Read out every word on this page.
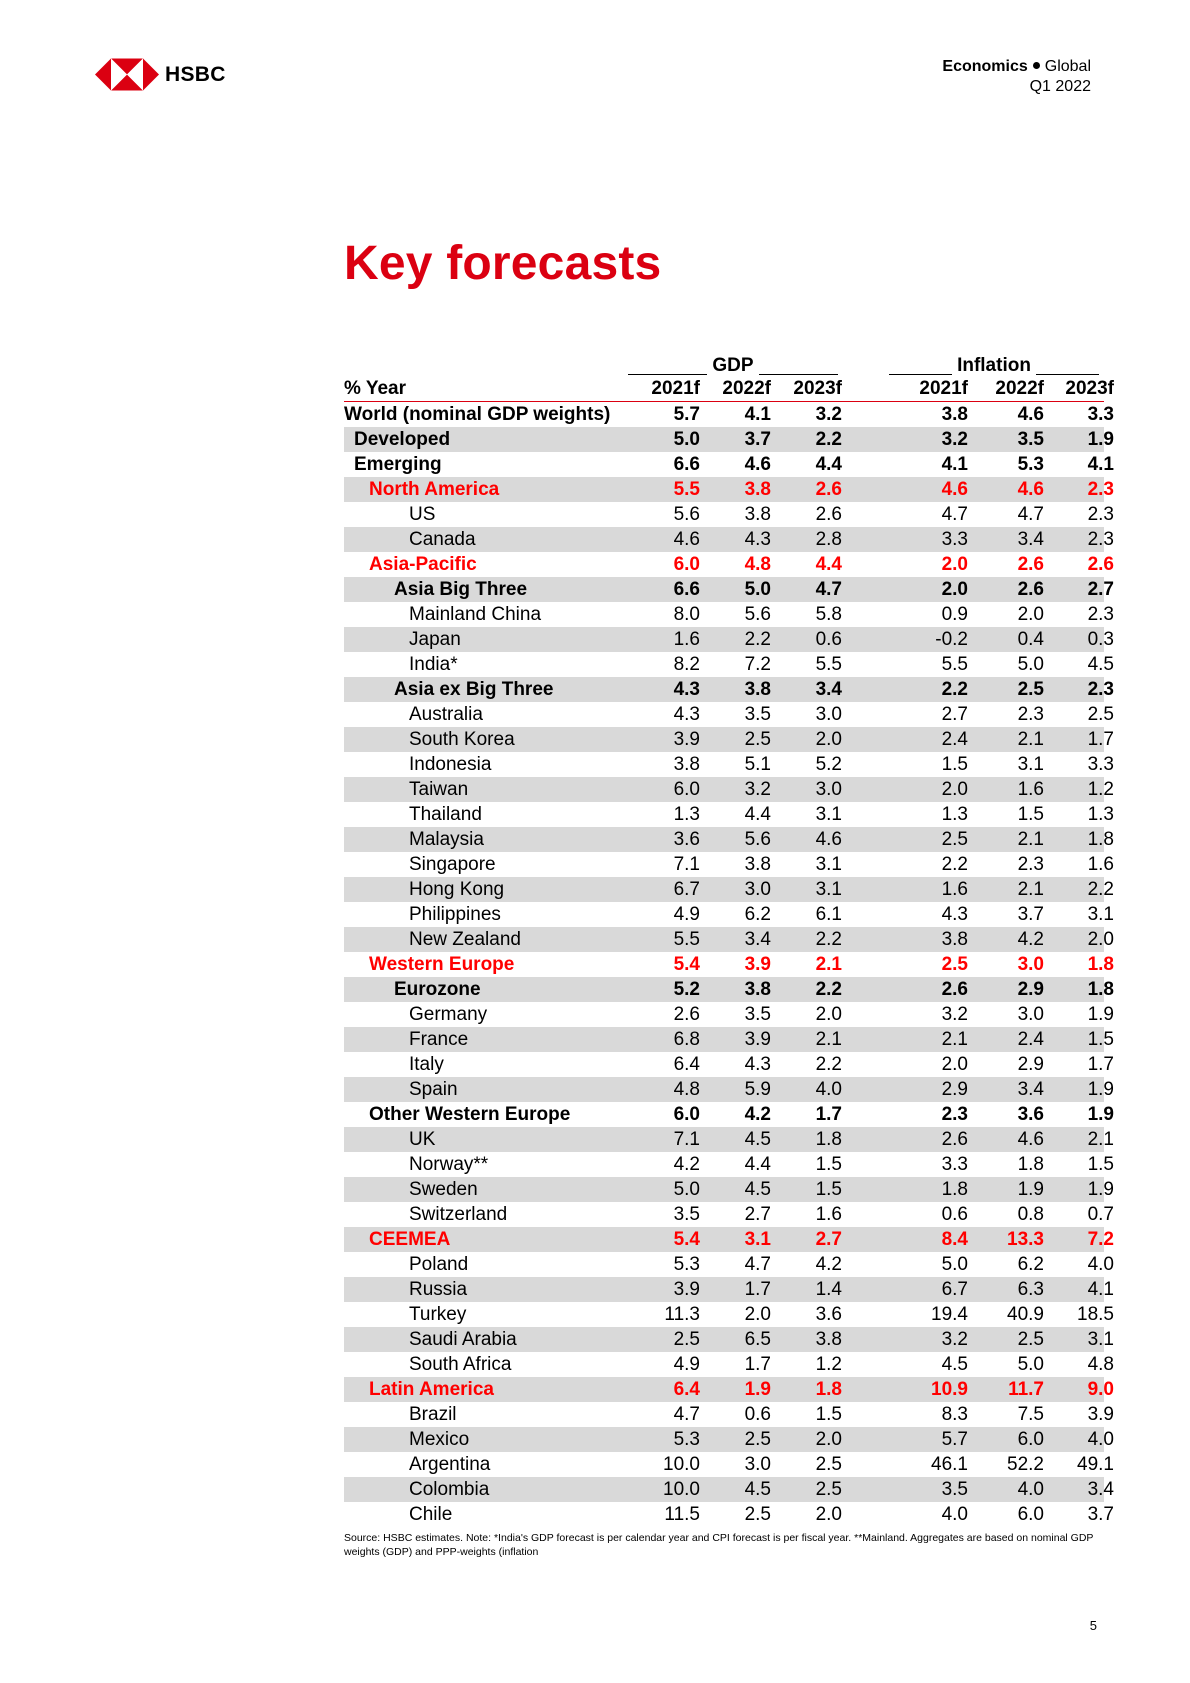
HSBC	Economics Global
Q1 2022
Key forecasts
GDP	Inflation
% Year	2021f	2022f	2023f	2021f	2022f	2023f
World (nominal GDP weights)	5.7	4.1	3.2	3.8	4.6	3.3
Developed	5.0	3.7	2.2	3.2	3.5	1.9
Emerging	6.6	4.6	4.4	4.1	5.3	4.1
North America	5.5	3.8	2.6	4.6	4.6	2.3
US	5.6	3.8	2.6	4.7	4.7	2.3
Canada	4.6	4.3	2.8	3.3	3.4	2.3
Asia-Pacific	6.0	4.8	4.4	2.0	2.6	2.6
Asia Big Three	6.6	5.0	4.7	2.0	2.6	2.7
Mainland China	8.0	5.6	5.8	0.9	2.0	2.3
Japan	1.6	2.2	0.6	-0.2	0.4	0.3
India*	8.2	7.2	5.5	5.5	5.0	4.5
Asia ex Big Three	4.3	3.8	3.4	2.2	2.5	2.3
Australia	4.3	3.5	3.0	2.7	2.3	2.5
South Korea	3.9	2.5	2.0	2.4	2.1	1.7
Indonesia	3.8	5.1	5.2	1.5	3.1	3.3
Taiwan	6.0	3.2	3.0	2.0	1.6	1.2
Thailand	1.3	4.4	3.1	1.3	1.5	1.3
Malaysia	3.6	5.6	4.6	2.5	2.1	1.8
Singapore	7.1	3.8	3.1	2.2	2.3	1.6
Hong Kong	6.7	3.0	3.1	1.6	2.1	2.2
Philippines	4.9	6.2	6.1	4.3	3.7	3.1
New Zealand	5.5	3.4	2.2	3.8	4.2	2.0
Western Europe	5.4	3.9	2.1	2.5	3.0	1.8
Eurozone	5.2	3.8	2.2	2.6	2.9	1.8
Germany	2.6	3.5	2.0	3.2	3.0	1.9
France	6.8	3.9	2.1	2.1	2.4	1.5
Italy	6.4	4.3	2.2	2.0	2.9	1.7
Spain	4.8	5.9	4.0	2.9	3.4	1.9
Other Western Europe	6.0	4.2	1.7	2.3	3.6	1.9
UK	7.1	4.5	1.8	2.6	4.6	2.1
Norway**	4.2	4.4	1.5	3.3	1.8	1.5
Sweden	5.0	4.5	1.5	1.8	1.9	1.9
Switzerland	3.5	2.7	1.6	0.6	0.8	0.7
CEEMEA	5.4	3.1	2.7	8.4	13.3	7.2
Poland	5.3	4.7	4.2	5.0	6.2	4.0
Russia	3.9	1.7	1.4	6.7	6.3	4.1
Turkey	11.3	2.0	3.6	19.4	40.9	18.5
Saudi Arabia	2.5	6.5	3.8	3.2	2.5	3.1
South Africa	4.9	1.7	1.2	4.5	5.0	4.8
Latin America	6.4	1.9	1.8	10.9	11.7	9.0
Brazil	4.7	0.6	1.5	8.3	7.5	3.9
Mexico	5.3	2.5	2.0	5.7	6.0	4.0
Argentina	10.0	3.0	2.5	46.1	52.2	49.1
Colombia	10.0	4.5	2.5	3.5	4.0	3.4
Chile	11.5	2.5	2.0	4.0	6.0	3.7
Source: HSBC estimates. Note: *India's GDP forecast is per calendar year and CPI forecast is per fiscal year. **Mainland. Aggregates are based on nominal GDP weights (GDP) and PPP-weights (inflation
5
